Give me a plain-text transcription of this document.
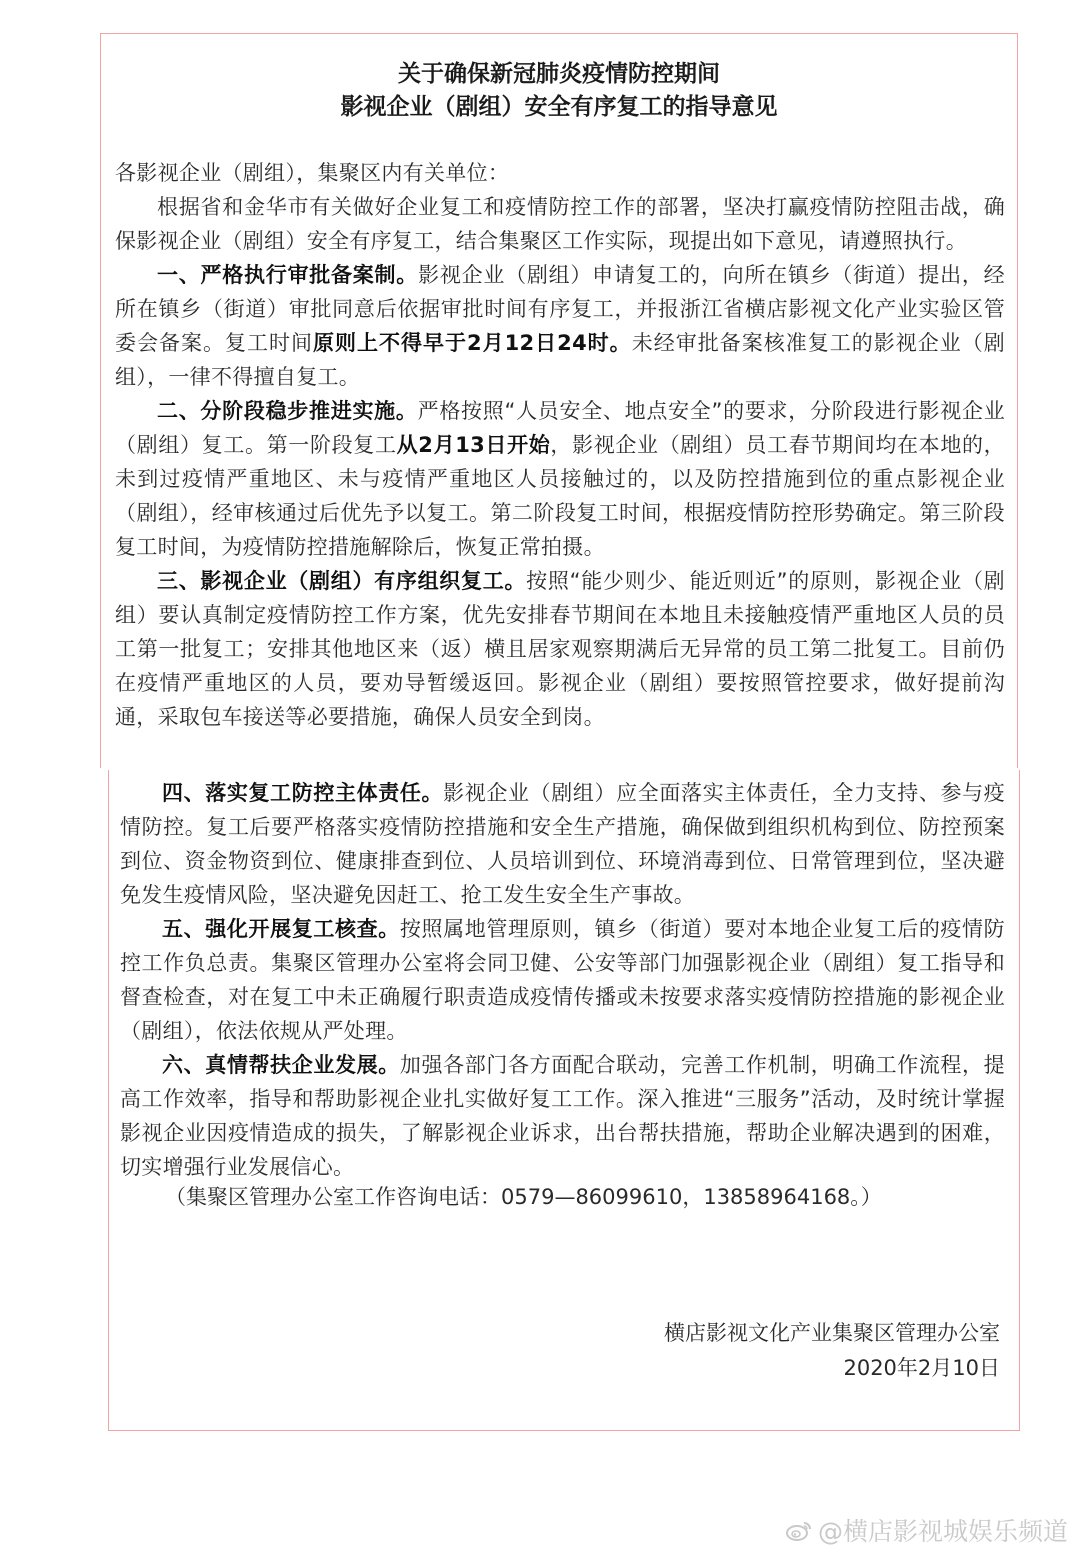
关于确保新冠肺炎疫情防控期间
影视企业（剧组）安全有序复工的指导意见

各影视企业（剧组），集聚区内有关单位：

根据省和金华市有关做好企业复工和疫情防控工作的部署，坚决打赢疫情防控阻击战，确保影视企业（剧组）安全有序复工，结合集聚区工作实际，现提出如下意见，请遵照执行。

一、严格执行审批备案制。影视企业（剧组）申请复工的，向所在镇乡（街道）提出，经所在镇乡（街道）审批同意后依据审批时间有序复工，并报浙江省横店影视文化产业实验区管委会备案。复工时间原则上不得早于2月12日24时。未经审批备案核准复工的影视企业（剧组），一律不得擅自复工。

二、分阶段稳步推进实施。严格按照“人员安全、地点安全”的要求，分阶段进行影视企业（剧组）复工。第一阶段复工从2月13日开始，影视企业（剧组）员工春节期间均在本地的，未到过疫情严重地区、未与疫情严重地区人员接触过的，以及防控措施到位的重点影视企业（剧组），经审核通过后优先予以复工。第二阶段复工时间，根据疫情防控形势确定。第三阶段复工时间，为疫情防控措施解除后，恢复正常拍摄。

三、影视企业（剧组）有序组织复工。按照“能少则少、能近则近”的原则，影视企业（剧组）要认真制定疫情防控工作方案，优先安排春节期间在本地且未接触疫情严重地区人员的员工第一批复工；安排其他地区来（返）横且居家观察期满后无异常的员工第二批复工。目前仍在疫情严重地区的人员，要劝导暂缓返回。影视企业（剧组）要按照管控要求，做好提前沟通，采取包车接送等必要措施，确保人员安全到岗。

四、落实复工防控主体责任。影视企业（剧组）应全面落实主体责任，全力支持、参与疫情防控。复工后要严格落实疫情防控措施和安全生产措施，确保做到组织机构到位、防控预案到位、资金物资到位、健康排查到位、人员培训到位、环境消毒到位、日常管理到位，坚决避免发生疫情风险，坚决避免因赶工、抢工发生安全生产事故。

五、强化开展复工核查。按照属地管理原则，镇乡（街道）要对本地企业复工后的疫情防控工作负总责。集聚区管理办公室将会同卫健、公安等部门加强影视企业（剧组）复工指导和督查检查，对在复工中未正确履行职责造成疫情传播或未按要求落实疫情防控措施的影视企业（剧组），依法依规从严处理。

六、真情帮扶企业发展。加强各部门各方面配合联动，完善工作机制，明确工作流程，提高工作效率，指导和帮助影视企业扎实做好复工工作。深入推进“三服务”活动，及时统计掌握影视企业因疫情造成的损失，了解影视企业诉求，出台帮扶措施，帮助企业解决遇到的困难，切实增强行业发展信心。

（集聚区管理办公室工作咨询电话：0579—86099610，13858964168。）
横店影视文化产业集聚区管理办公室
2020年2月10日
@横店影视城娱乐频道
